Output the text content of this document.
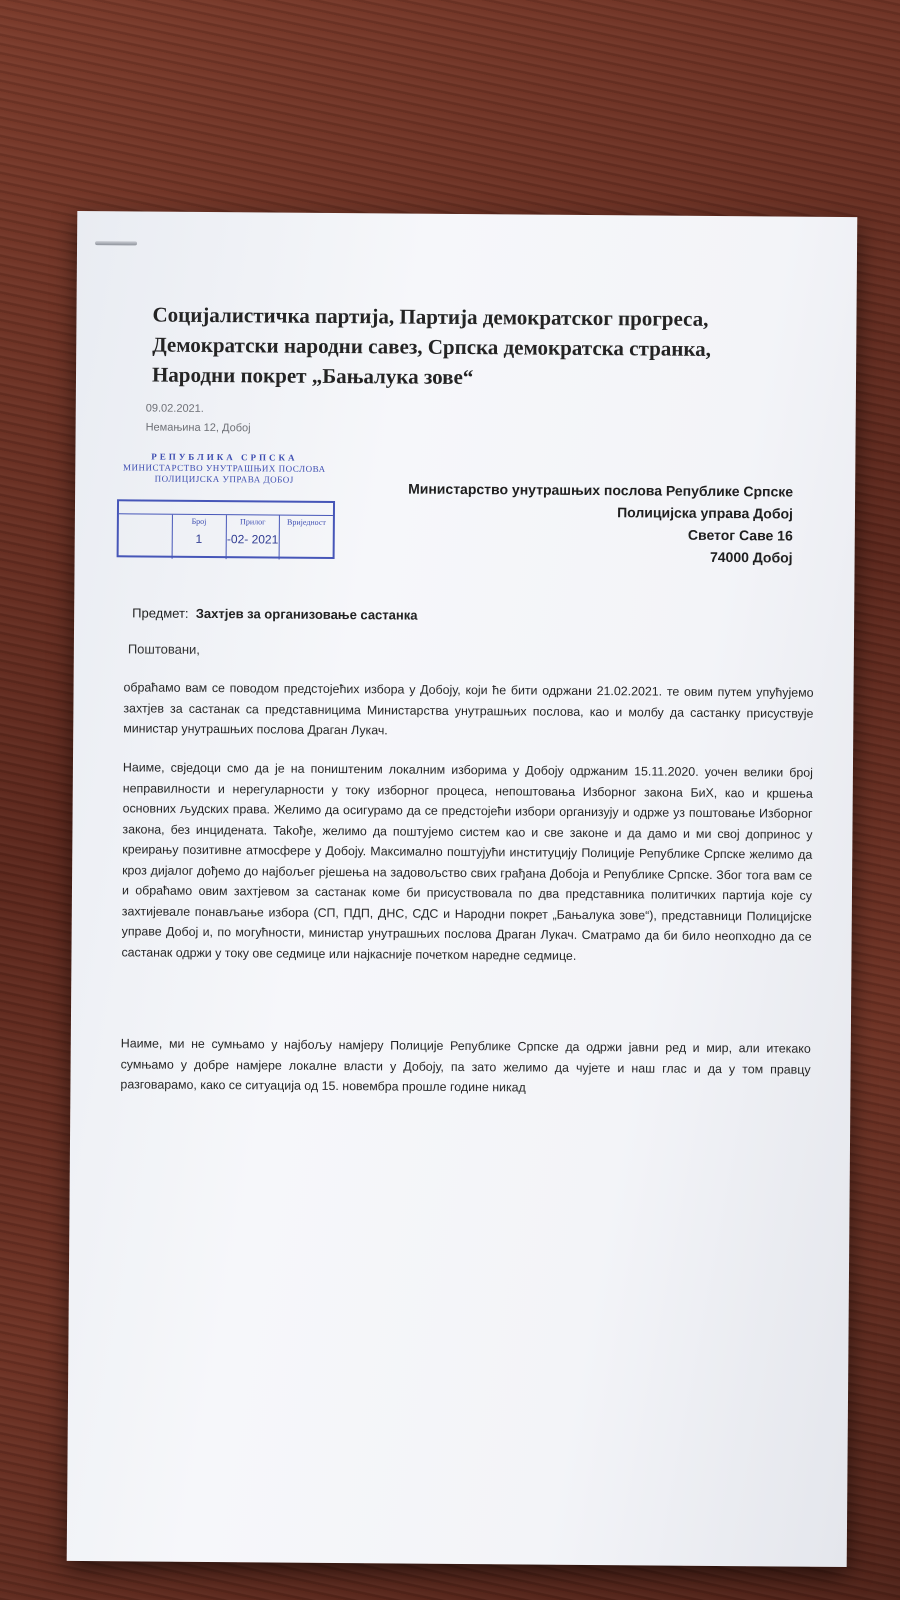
Социјалистичка партија, Партија демократског прогреса,
Демократски народни савез, Српска демократска странка,
Народни покрет „Бањалука зове“
09.02.2021.
Немањина 12, Добој
РЕПУБЛИКА СРПСКА
МИНИСТАРСТВО УНУТРАШЊИХ ПОСЛОВА
ПОЛИЦИЈСКА УПРАВА ДОБОЈ
Број
1
Прилог
-02- 2021
Вриједност
Министарство унутрашњих послова Републике Српске
Полицијска управа Добој
Светог Саве 16
74000 Добој
Предмет: Захтјев за организовање састанка
Поштовани,
обраћамо вам се поводом предстојећих избора у Добоју, који ће бити одржани 21.02.2021. те овим путем упућујемо захтјев за састанак са представницима Министарства унутрашњих послова, као и молбу да састанку присуствује министар унутрашњих послова Драган Лукач.
Наиме, свједоци смо да је на поништеним локалним изборима у Добоју одржаним 15.11.2020. уочен велики број неправилности и нерегуларности у току изборног процеса, непоштовања Изборног закона БиХ, као и кршења основних људских права. Желимо да осигурамо да се предстојећи избори организују и одрже уз поштовање Изборног закона, без инцидената. Takође, желимо да поштујемо систем као и све законе и да дамо и ми свој допринос у креирању позитивне атмосфере у Добоју. Максимално поштујући институцију Полиције Републике Српске желимо да кроз дијалог дођемо до најбољег рјешења на задовољство свих грађана Добоја и Републике Српске. Због тога вам се и обраћамо овим захтјевом за састанак коме би присуствовала по два представника политичких партија које су захтијевале понављање избора (СП, ПДП, ДНС, СДС и Народни покрет „Бањалука зове“), представници Полицијске управе Добој и, по могућности, министар унутрашњих послова Драган Лукач. Сматрамо да би било неопходно да се састанак одржи у току ове седмице или најкасније почетком наредне седмице.
Наиме, ми не сумњамо у најбољу намјеру Полиције Републике Српске да одржи јавни ред и мир, али итекако сумњамо у добре намјере локалне власти у Добоју, па зато желимо да чујете и наш глас и да у том правцу разговарамо, како се ситуација од 15. новембра прошле године никад
